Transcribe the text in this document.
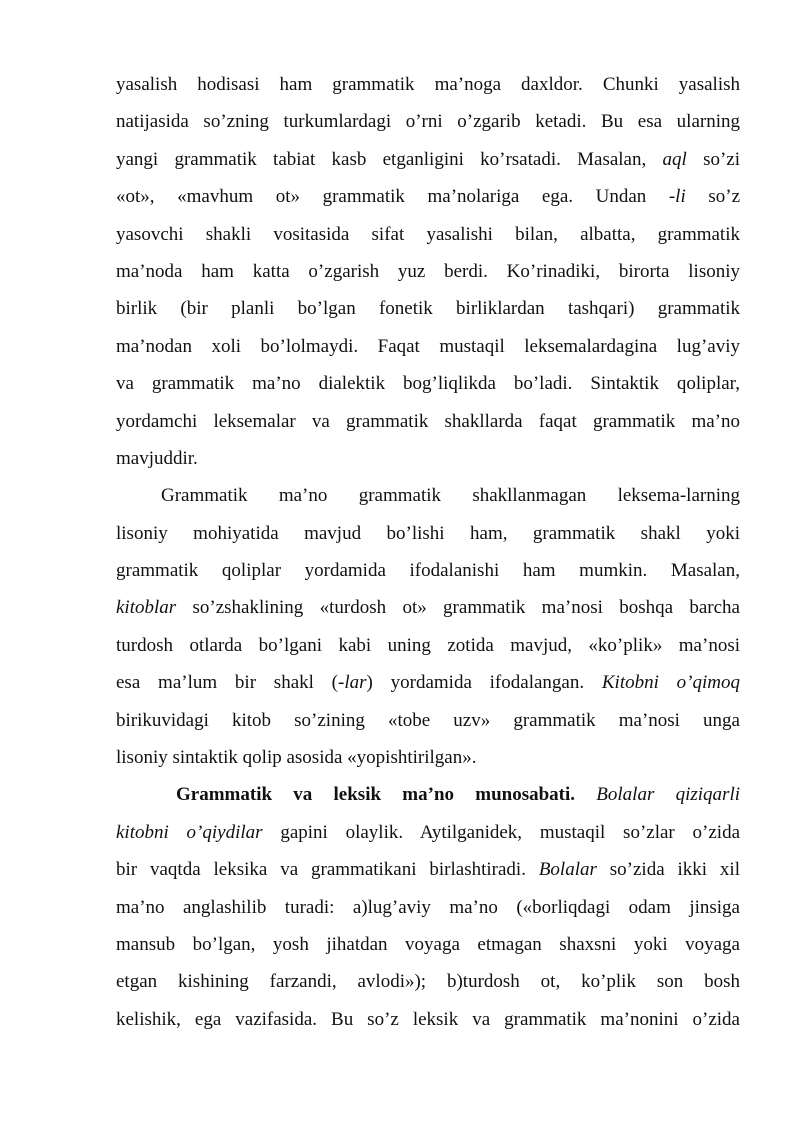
yasalish hodisasi ham grammatik ma’noga daxldor. Chunki yasalish
natijasida so’zning turkumlardagi o’rni o’zgarib ketadi. Bu esa ularning
yangi grammatik tabiat kasb etganligini ko’rsatadi. Masalan, aql so’zi
«ot», «mavhum ot» grammatik ma’nolariga ega. Undan -li so’z
yasovchi shakli vositasida sifat yasalishi bilan, albatta, grammatik
ma’noda ham katta o’zgarish yuz berdi. Ko’rinadiki, birorta lisoniy
birlik (bir planli bo’lgan fonetik birliklardan tashqari) grammatik
ma’nodan xoli bo’lolmaydi. Faqat mustaqil leksemalardagina lug’aviy
va grammatik ma’no dialektik bog’liqlikda bo’ladi. Sintaktik qoliplar,
yordamchi leksemalar va grammatik shakllarda faqat grammatik ma’no
mavjuddir.
Grammatik ma’no grammatik shakllanmagan leksema-larning
lisoniy mohiyatida mavjud bo’lishi ham, grammatik shakl yoki
grammatik qoliplar yordamida ifodalanishi ham mumkin. Masalan,
kitoblar so’zshaklining «turdosh ot» grammatik ma’nosi boshqa barcha
turdosh otlarda bo’lgani kabi uning zotida mavjud, «ko’plik» ma’nosi
esa ma’lum bir shakl (-lar) yordamida ifodalangan. Kitobni o’qimoq
birikuvidagi kitob so’zining «tobe uzv» grammatik ma’nosi unga
lisoniy sintaktik qolip asosida «yopishtirilgan».
Grammatik va leksik ma’no munosabati. Bolalar qiziqarli
kitobni o’qiydilar gapini olaylik. Aytilganidek, mustaqil so’zlar o’zida
bir vaqtda leksika va grammatikani birlashtiradi. Bolalar so’zida ikki xil
ma’no anglashilib turadi: a)lug’aviy ma’no («borliqdagi odam jinsiga
mansub bo’lgan, yosh jihatdan voyaga etmagan shaxsni yoki voyaga
etgan kishining farzandi, avlodi»); b)turdosh ot, ko’plik son bosh
kelishik, ega vazifasida. Bu so’z leksik va grammatik ma’nonini o’zida
